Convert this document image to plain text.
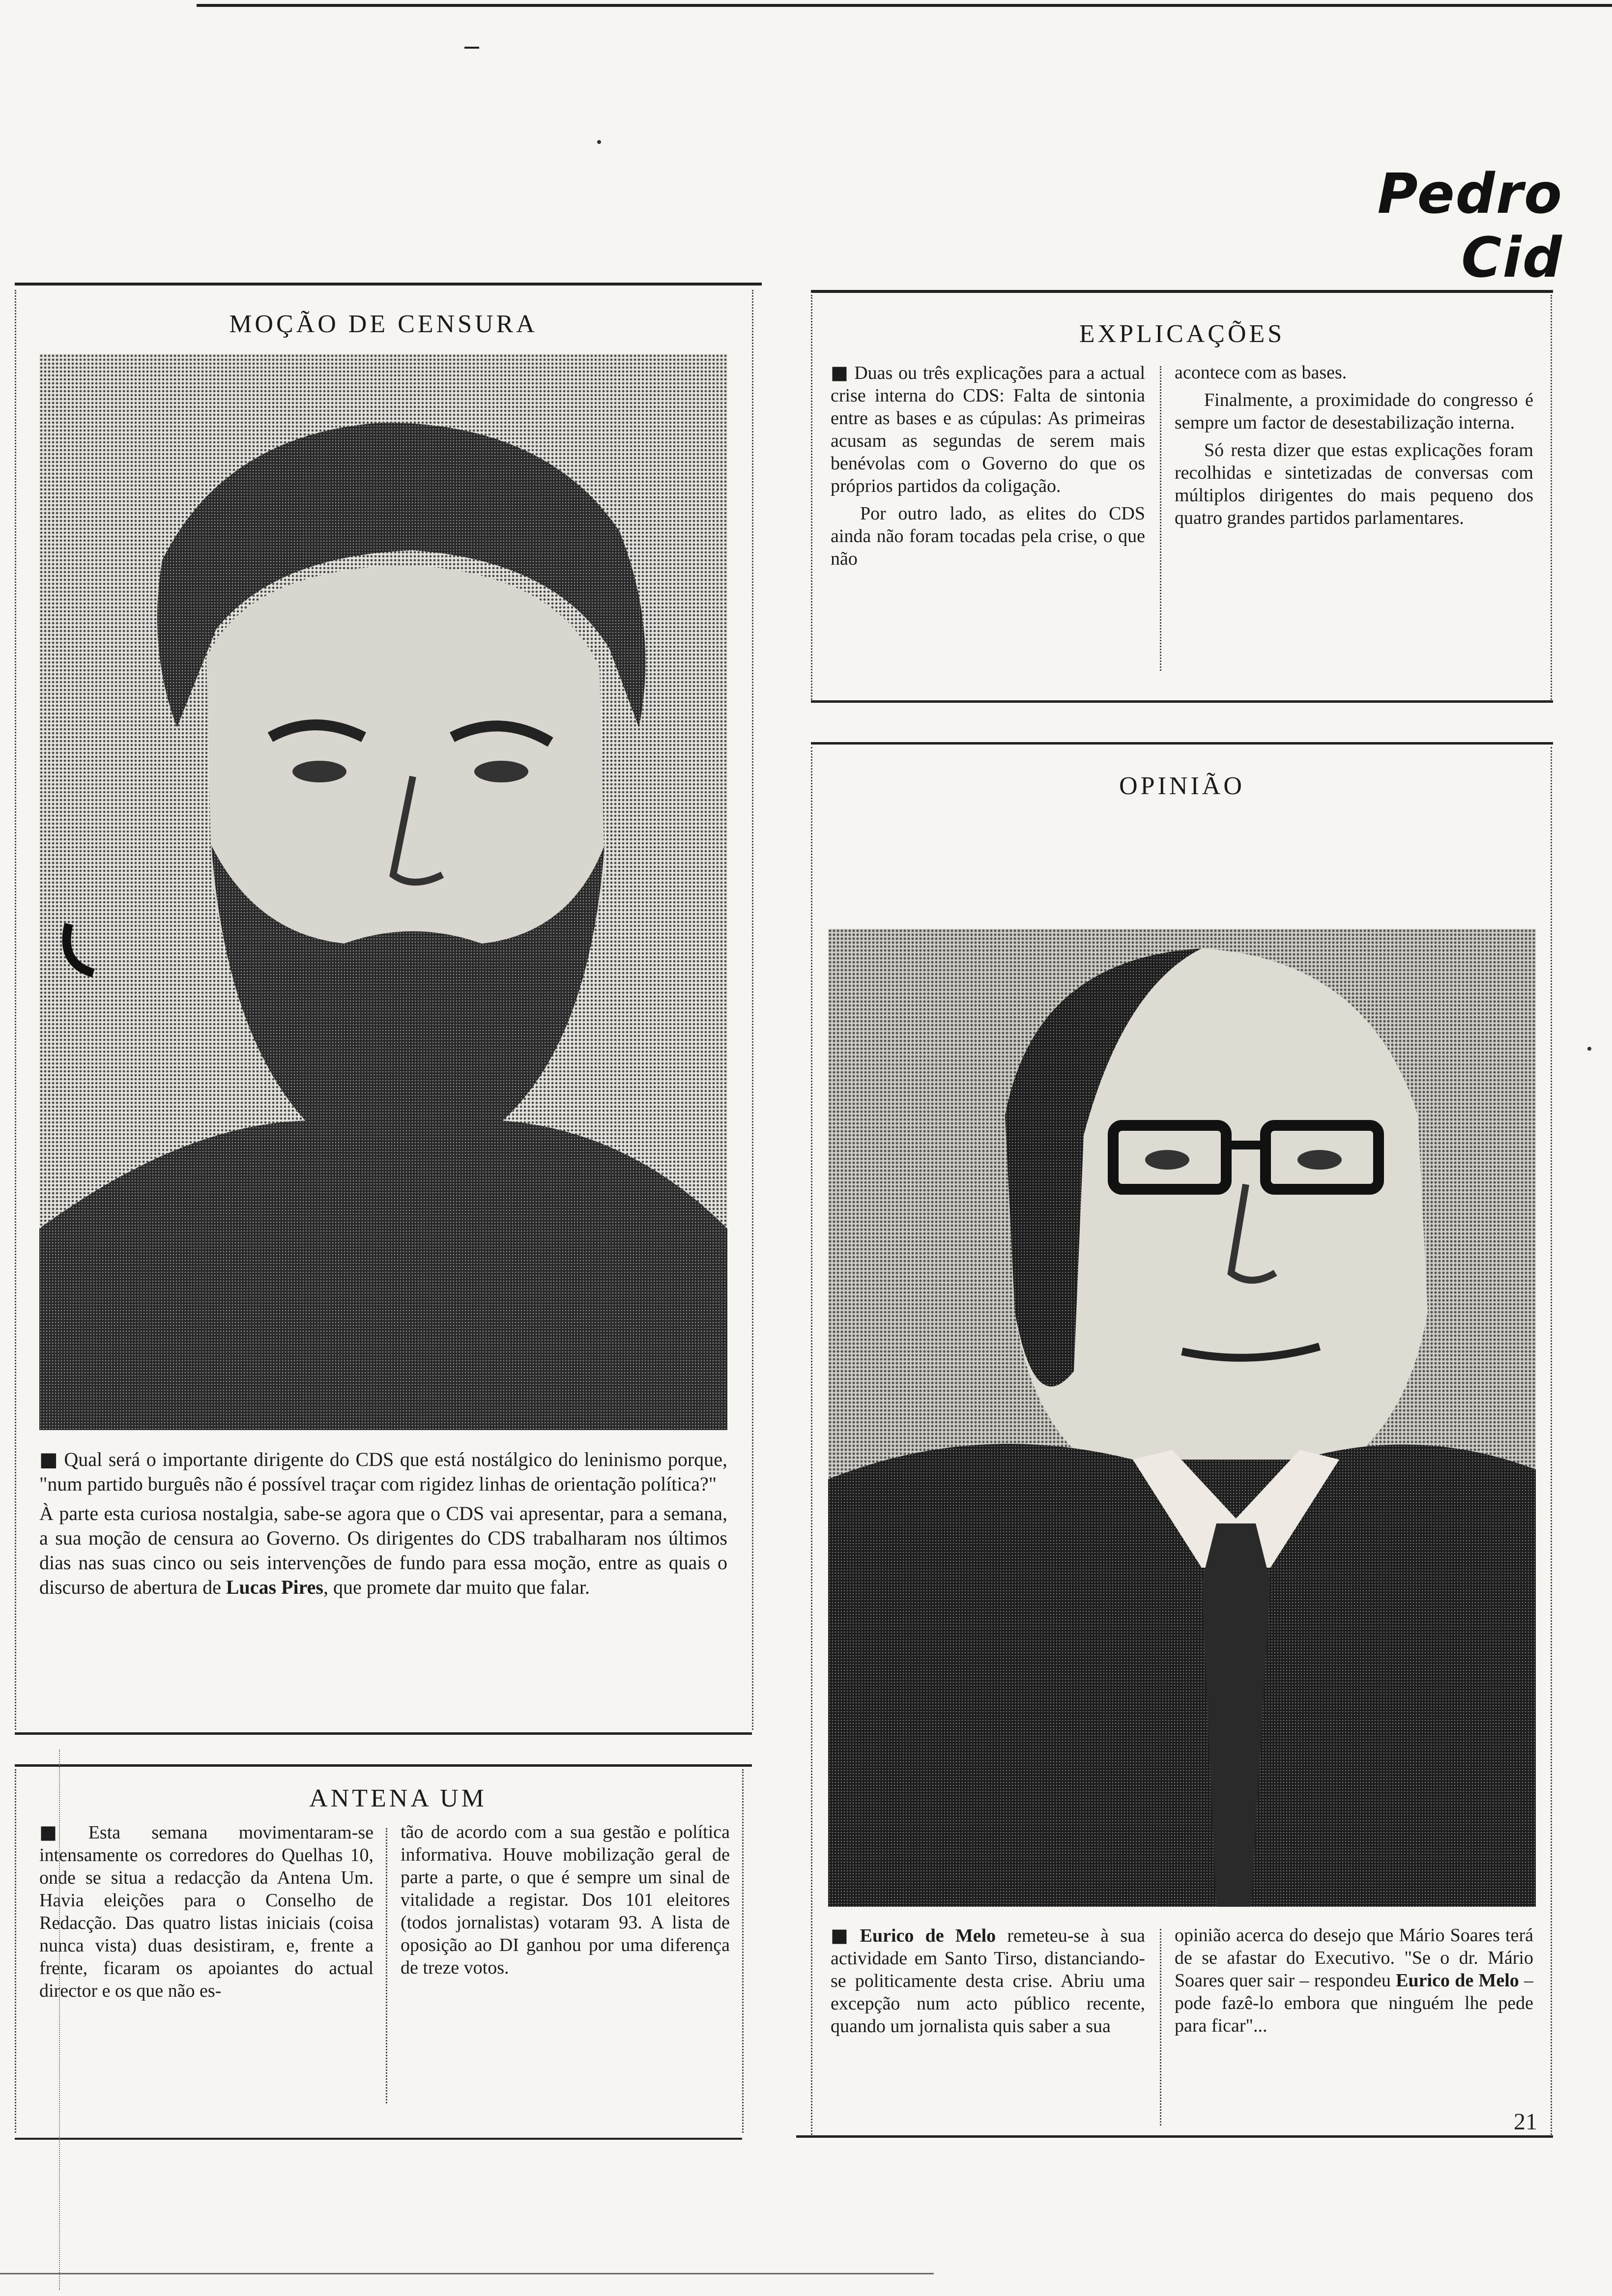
Pedro Cid
MOÇÃO DE CENSURA

■ Qual será o importante dirigente do CDS que está nostálgico do leninismo porque, "num partido burguês não é possível traçar com rigidez linhas de orientação política?"

À parte esta curiosa nostalgia, sabe-se agora que o CDS vai apresentar, para a semana, a sua moção de censura ao Governo. Os dirigentes do CDS trabalharam nos últimos dias nas suas cinco ou seis intervenções de fundo para essa moção, entre as quais o discurso de abertura de Lucas Pires, que promete dar muito que falar.

ANTENA UM

■ Esta semana movimentaram-se intensamente os corredores do Quelhas 10, onde se situa a redacção da Antena Um. Havia eleições para o Conselho de Redacção. Das quatro listas iniciais (coisa nunca vista) duas desistiram, e, frente a frente, ficaram os apoiantes do actual director e os que não es-

tão de acordo com a sua gestão e política informativa. Houve mobilização geral de parte a parte, o que é sempre um sinal de vitalidade a registar. Dos 101 eleitores (todos jornalistas) votaram 93. A lista de oposição ao DI ganhou por uma diferença de treze votos.

EXPLICAÇÕES

■ Duas ou três explicações para a actual crise interna do CDS: Falta de sintonia entre as bases e as cúpulas: As primeiras acusam as segundas de serem mais benévolas com o Governo do que os próprios partidos da coligação.

Por outro lado, as elites do CDS ainda não foram tocadas pela crise, o que não

acontece com as bases.

Finalmente, a proximidade do congresso é sempre um factor de desestabilização interna.

Só resta dizer que estas explicações foram recolhidas e sintetizadas de conversas com múltiplos dirigentes do mais pequeno dos quatro grandes partidos parlamentares.

OPINIÃO

■ Eurico de Melo remeteu-se à sua actividade em Santo Tirso, distanciando-se politicamente desta crise. Abriu uma excepção num acto público recente, quando um jornalista quis saber a sua

opinião acerca do desejo que Mário Soares terá de se afastar do Executivo. "Se o dr. Mário Soares quer sair – respondeu Eurico de Melo – pode fazê-lo embora que ninguém lhe pede para ficar"...

21
